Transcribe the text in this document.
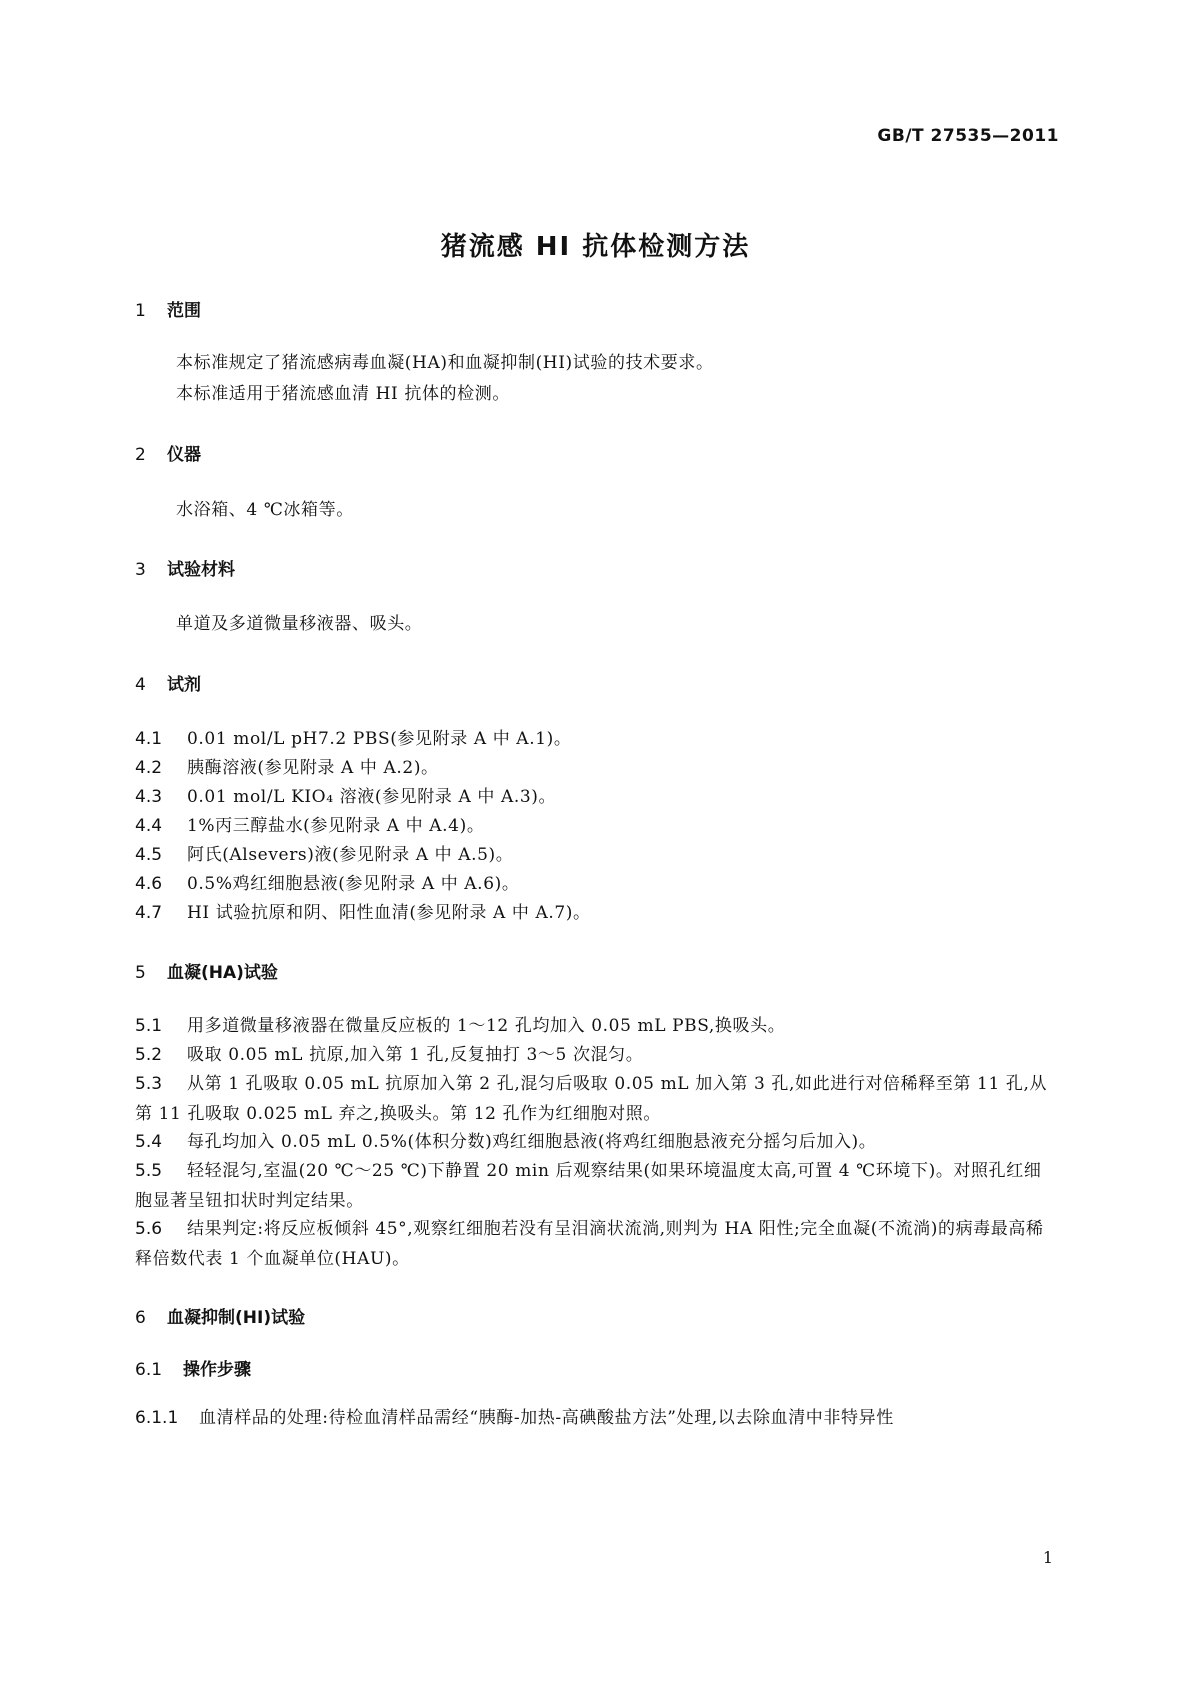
GB/T 27535—2011
猪流感 HI 抗体检测方法
1 范围
本标准规定了猪流感病毒血凝(HA)和血凝抑制(HI)试验的技术要求。
本标准适用于猪流感血清 HI 抗体的检测。
2 仪器
水浴箱、4 ℃冰箱等。
3 试验材料
单道及多道微量移液器、吸头。
4 试剂
4.1 0.01 mol/L pH7.2 PBS(参见附录 A 中 A.1)。
4.2 胰酶溶液(参见附录 A 中 A.2)。
4.3 0.01 mol/L KIO₄ 溶液(参见附录 A 中 A.3)。
4.4 1%丙三醇盐水(参见附录 A 中 A.4)。
4.5 阿氏(Alsevers)液(参见附录 A 中 A.5)。
4.6 0.5%鸡红细胞悬液(参见附录 A 中 A.6)。
4.7 HI 试验抗原和阴、阳性血清(参见附录 A 中 A.7)。
5 血凝(HA)试验
5.1 用多道微量移液器在微量反应板的 1～12 孔均加入 0.05 mL PBS,换吸头。
5.2 吸取 0.05 mL 抗原,加入第 1 孔,反复抽打 3～5 次混匀。
5.3 从第 1 孔吸取 0.05 mL 抗原加入第 2 孔,混匀后吸取 0.05 mL 加入第 3 孔,如此进行对倍稀释至第 11 孔,从第 11 孔吸取 0.025 mL 弃之,换吸头。第 12 孔作为红细胞对照。
5.4 每孔均加入 0.05 mL 0.5%(体积分数)鸡红细胞悬液(将鸡红细胞悬液充分摇匀后加入)。
5.5 轻轻混匀,室温(20 ℃～25 ℃)下静置 20 min 后观察结果(如果环境温度太高,可置 4 ℃环境下)。对照孔红细胞显著呈钮扣状时判定结果。
5.6 结果判定:将反应板倾斜 45°,观察红细胞若没有呈泪滴状流淌,则判为 HA 阳性;完全血凝(不流淌)的病毒最高稀释倍数代表 1 个血凝单位(HAU)。
6 血凝抑制(HI)试验
6.1 操作步骤
6.1.1 血清样品的处理:待检血清样品需经“胰酶-加热-高碘酸盐方法”处理,以去除血清中非特异性
1
